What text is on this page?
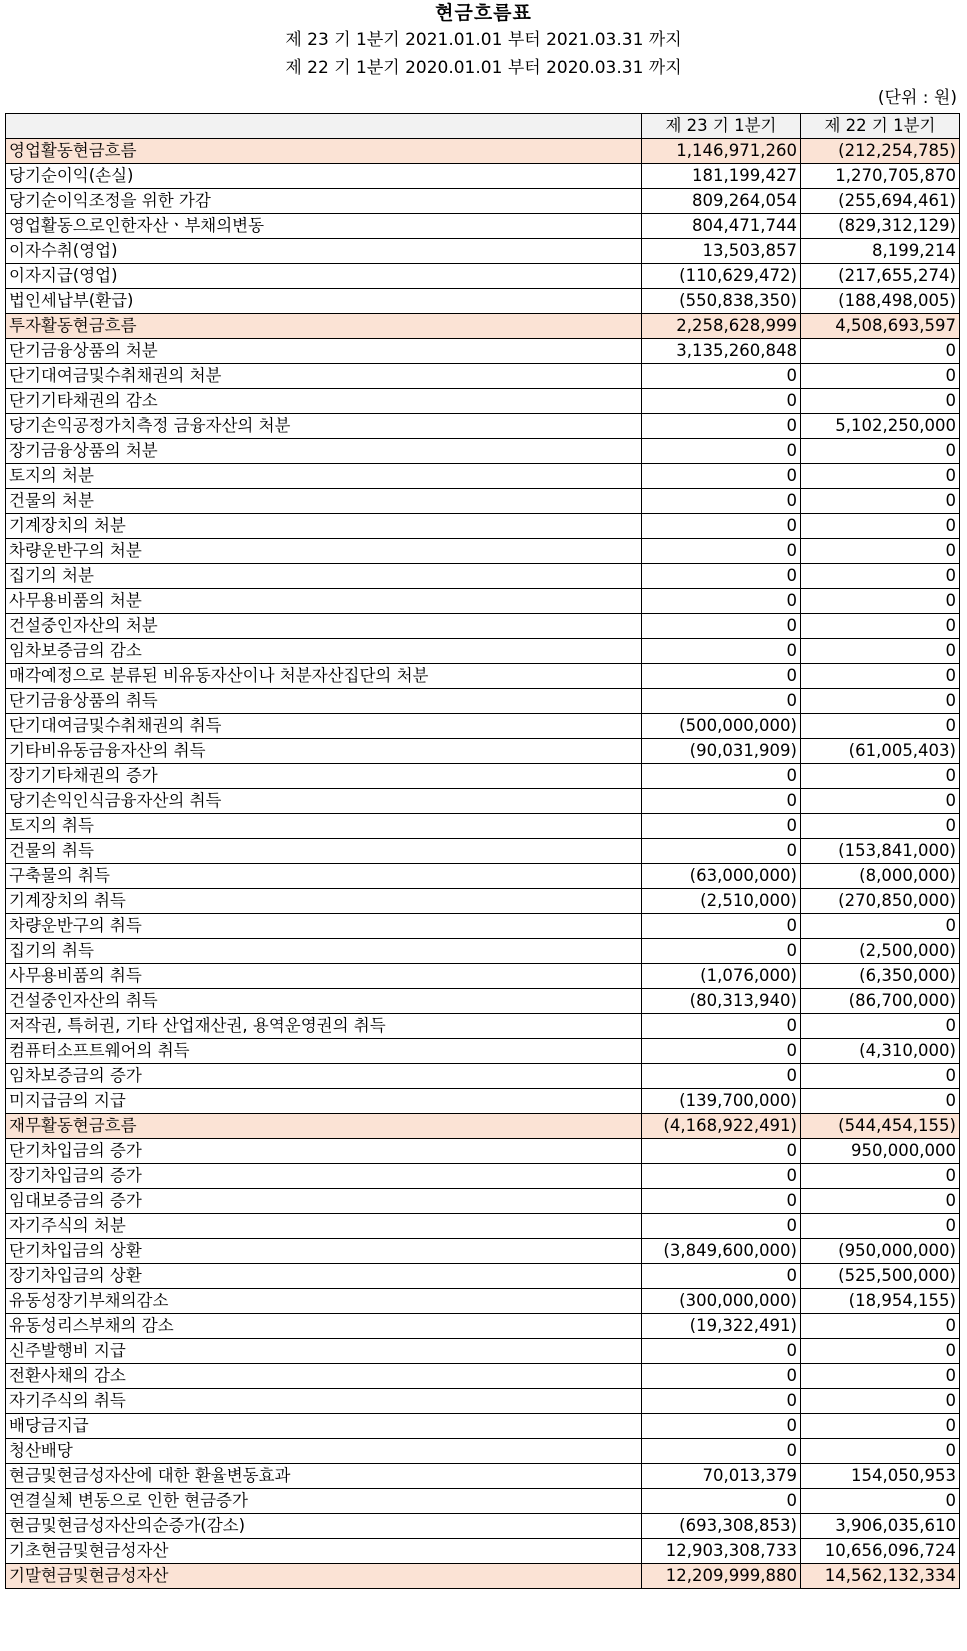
현금흐름표
제 23 기 1분기 2021.01.01 부터 2021.03.31 까지
제 22 기 1분기 2020.01.01 부터 2020.03.31 까지
(단위 : 원)
	제 23 기 1분기	제 22 기 1분기
영업활동현금흐름	1,146,971,260	(212,254,785)
당기순이익(손실)	181,199,427	1,270,705,870
당기순이익조정을 위한 가감	809,264,054	(255,694,461)
영업활동으로인한자산ㆍ부채의변동	804,471,744	(829,312,129)
이자수취(영업)	13,503,857	8,199,214
이자지급(영업)	(110,629,472)	(217,655,274)
법인세납부(환급)	(550,838,350)	(188,498,005)
투자활동현금흐름	2,258,628,999	4,508,693,597
단기금융상품의 처분	3,135,260,848	0
단기대여금및수취채권의 처분	0	0
단기기타채권의 감소	0	0
당기손익공정가치측정 금융자산의 처분	0	5,102,250,000
장기금융상품의 처분	0	0
토지의 처분	0	0
건물의 처분	0	0
기계장치의 처분	0	0
차량운반구의 처분	0	0
집기의 처분	0	0
사무용비품의 처분	0	0
건설중인자산의 처분	0	0
임차보증금의 감소	0	0
매각예정으로 분류된 비유동자산이나 처분자산집단의 처분	0	0
단기금융상품의 취득	0	0
단기대여금및수취채권의 취득	(500,000,000)	0
기타비유동금융자산의 취득	(90,031,909)	(61,005,403)
장기기타채권의 증가	0	0
당기손익인식금융자산의 취득	0	0
토지의 취득	0	0
건물의 취득	0	(153,841,000)
구축물의 취득	(63,000,000)	(8,000,000)
기계장치의 취득	(2,510,000)	(270,850,000)
차량운반구의 취득	0	0
집기의 취득	0	(2,500,000)
사무용비품의 취득	(1,076,000)	(6,350,000)
건설중인자산의 취득	(80,313,940)	(86,700,000)
저작권, 특허권, 기타 산업재산권, 용역운영권의 취득	0	0
컴퓨터소프트웨어의 취득	0	(4,310,000)
임차보증금의 증가	0	0
미지급금의 지급	(139,700,000)	0
재무활동현금흐름	(4,168,922,491)	(544,454,155)
단기차입금의 증가	0	950,000,000
장기차입금의 증가	0	0
임대보증금의 증가	0	0
자기주식의 처분	0	0
단기차입금의 상환	(3,849,600,000)	(950,000,000)
장기차입금의 상환	0	(525,500,000)
유동성장기부채의감소	(300,000,000)	(18,954,155)
유동성리스부채의 감소	(19,322,491)	0
신주발행비 지급	0	0
전환사채의 감소	0	0
자기주식의 취득	0	0
배당금지급	0	0
청산배당	0	0
현금및현금성자산에 대한 환율변동효과	70,013,379	154,050,953
연결실체 변동으로 인한 현금증가	0	0
현금및현금성자산의순증가(감소)	(693,308,853)	3,906,035,610
기초현금및현금성자산	12,903,308,733	10,656,096,724
기말현금및현금성자산	12,209,999,880	14,562,132,334
